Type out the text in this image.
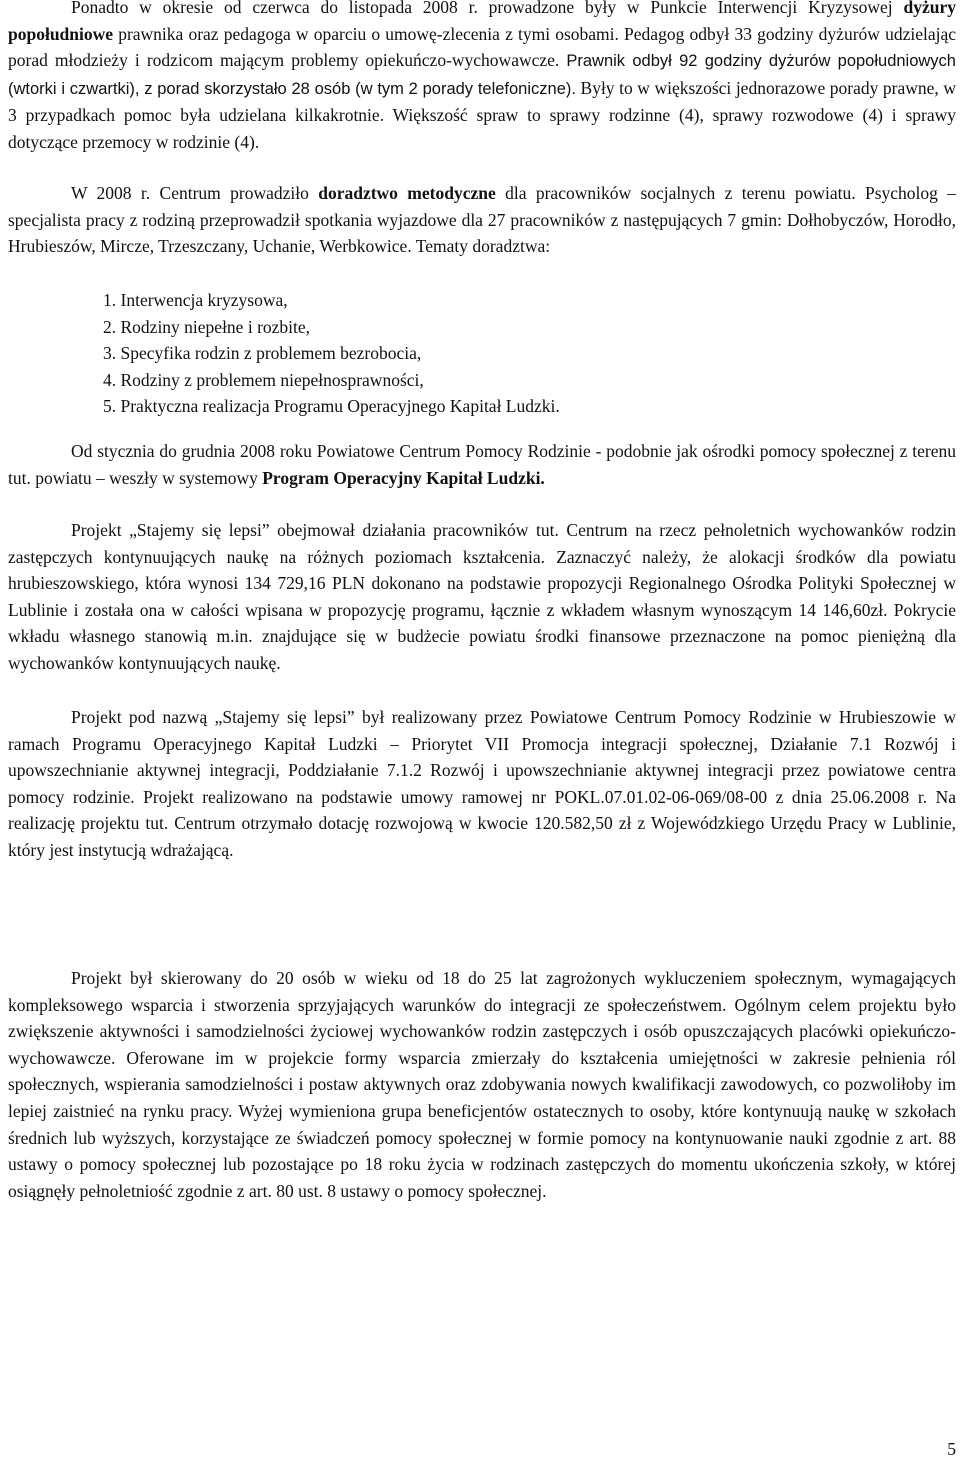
Ponadto w okresie od czerwca do listopada 2008 r. prowadzone były w Punkcie Interwencji Kryzysowej dyżury popołudniowe prawnika oraz pedagoga w oparciu o umowę-zlecenia z tymi osobami. Pedagog odbył 33 godziny dyżurów udzielając porad młodzieży i rodzicom mającym problemy opiekuńczo-wychowawcze. Prawnik odbył 92 godziny dyżurów popołudniowych (wtorki i czwartki), z porad skorzystało 28 osób (w tym 2 porady telefoniczne). Były to w większości jednorazowe porady prawne, w 3 przypadkach pomoc była udzielana kilkakrotnie. Większość spraw to sprawy rodzinne (4), sprawy rozwodowe (4) i sprawy dotyczące przemocy w rodzinie (4).
W 2008 r. Centrum prowadziło doradztwo metodyczne dla pracowników socjalnych z terenu powiatu. Psycholog – specjalista pracy z rodziną przeprowadził spotkania wyjazdowe dla 27 pracowników z następujących 7 gmin: Dołhobyczów, Horodło, Hrubieszów, Mircze, Trzeszczany, Uchanie, Werbkowice. Tematy doradztwa:
1. Interwencja kryzysowa,
2. Rodziny niepełne i rozbite,
3. Specyfika rodzin z problemem bezrobocia,
4. Rodziny z problemem niepełnosprawności,
5. Praktyczna realizacja Programu Operacyjnego Kapitał Ludzki.
Od stycznia do grudnia 2008 roku Powiatowe Centrum Pomocy Rodzinie - podobnie jak ośrodki pomocy społecznej z terenu tut. powiatu – weszły w systemowy Program Operacyjny Kapitał Ludzki.
Projekt „Stajemy się lepsi” obejmował działania pracowników tut. Centrum na rzecz pełnoletnich wychowanków rodzin zastępczych kontynuujących naukę na różnych poziomach kształcenia. Zaznaczyć należy, że alokacji środków dla powiatu hrubieszowskiego, która wynosi 134 729,16 PLN dokonano na podstawie propozycji Regionalnego Ośrodka Polityki Społecznej w Lublinie i została ona w całości wpisana w propozycję programu, łącznie z wkładem własnym wynoszącym 14 146,60zł. Pokrycie wkładu własnego stanowią m.in. znajdujące się w budżecie powiatu środki finansowe przeznaczone na pomoc pieniężną dla wychowanków kontynuujących naukę.
Projekt pod nazwą „Stajemy się lepsi” był realizowany przez Powiatowe Centrum Pomocy Rodzinie w Hrubieszowie w ramach Programu Operacyjnego Kapitał Ludzki – Priorytet VII Promocja integracji społecznej, Działanie 7.1 Rozwój i upowszechnianie aktywnej integracji, Poddziałanie 7.1.2 Rozwój i upowszechnianie aktywnej integracji przez powiatowe centra pomocy rodzinie. Projekt realizowano na podstawie umowy ramowej nr POKL.07.01.02-06-069/08-00 z dnia 25.06.2008 r. Na realizację projektu tut. Centrum otrzymało dotację rozwojową w kwocie 120.582,50 zł z Wojewódzkiego Urzędu Pracy w Lublinie, który jest instytucją wdrażającą.
Projekt był skierowany do 20 osób w wieku od 18 do 25 lat zagrożonych wykluczeniem społecznym, wymagających kompleksowego wsparcia i stworzenia sprzyjających warunków do integracji ze społeczeństwem. Ogólnym celem projektu było zwiększenie aktywności i samodzielności życiowej wychowanków rodzin zastępczych i osób opuszczających placówki opiekuńczo-wychowawcze. Oferowane im w projekcie formy wsparcia zmierzały do kształcenia umiejętności w zakresie pełnienia ról społecznych, wspierania samodzielności i postaw aktywnych oraz zdobywania nowych kwalifikacji zawodowych, co pozwoliłoby im lepiej zaistnieć na rynku pracy. Wyżej wymieniona grupa beneficjentów ostatecznych to osoby, które kontynuują naukę w szkołach średnich lub wyższych, korzystające ze świadczeń pomocy społecznej w formie pomocy na kontynuowanie nauki zgodnie z art. 88 ustawy o pomocy społecznej lub pozostające po 18 roku życia w rodzinach zastępczych do momentu ukończenia szkoły, w której osiągnęły pełnoletniość zgodnie z art. 80 ust. 8 ustawy o pomocy społecznej.
5
